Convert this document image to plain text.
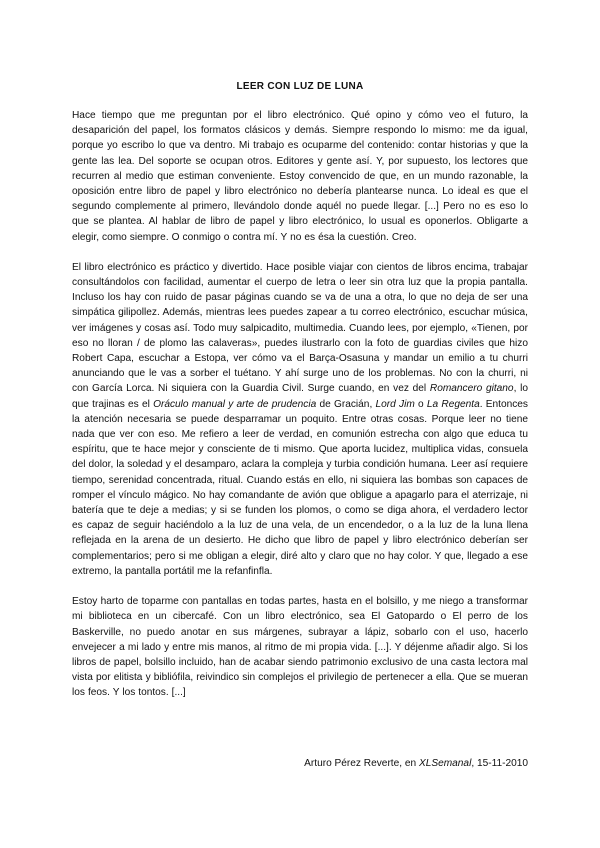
LEER CON LUZ DE LUNA

Hace tiempo que me preguntan por el libro electrónico. Qué opino y cómo veo el futuro, la desaparición del papel, los formatos clásicos y demás. Siempre respondo lo mismo: me da igual, porque yo escribo lo que va dentro. Mi trabajo es ocuparme del contenido: contar historias y que la gente las lea. Del soporte se ocupan otros. Editores y gente así. Y, por supuesto, los lectores que recurren al medio que estiman conveniente. Estoy convencido de que, en un mundo razonable, la oposición entre libro de papel y libro electrónico no debería plantearse nunca. Lo ideal es que el segundo complemente al primero, llevándolo donde aquél no puede llegar. [...] Pero no es eso lo que se plantea. Al hablar de libro de papel y libro electrónico, lo usual es oponerlos. Obligarte a elegir, como siempre. O conmigo o contra mí. Y no es ésa la cuestión. Creo.

El libro electrónico es práctico y divertido. Hace posible viajar con cientos de libros encima, trabajar consultándolos con facilidad, aumentar el cuerpo de letra o leer sin otra luz que la propia pantalla. Incluso los hay con ruido de pasar páginas cuando se va de una a otra, lo que no deja de ser una simpática gilipollez. Además, mientras lees puedes zapear a tu correo electrónico, escuchar música, ver imágenes y cosas así. Todo muy salpicadito, multimedia. Cuando lees, por ejemplo, «Tienen, por eso no lloran / de plomo las calaveras», puedes ilustrarlo con la foto de guardias civiles que hizo Robert Capa, escuchar a Estopa, ver cómo va el Barça-Osasuna y mandar un emilio a tu churri anunciando que le vas a sorber el tuétano. Y ahí surge uno de los problemas. No con la churri, ni con García Lorca. Ni siquiera con la Guardia Civil. Surge cuando, en vez del Romancero gitano, lo que trajinas es el Oráculo manual y arte de prudencia de Gracián, Lord Jim o La Regenta. Entonces la atención necesaria se puede desparramar un poquito. Entre otras cosas. Porque leer no tiene nada que ver con eso. Me refiero a leer de verdad, en comunión estrecha con algo que educa tu espíritu, que te hace mejor y consciente de ti mismo. Que aporta lucidez, multiplica vidas, consuela del dolor, la soledad y el desamparo, aclara la compleja y turbia condición humana. Leer así requiere tiempo, serenidad concentrada, ritual. Cuando estás en ello, ni siquiera las bombas son capaces de romper el vínculo mágico. No hay comandante de avión que obligue a apagarlo para el aterrizaje, ni batería que te deje a medias; y si se funden los plomos, o como se diga ahora, el verdadero lector es capaz de seguir haciéndolo a la luz de una vela, de un encendedor, o a la luz de la luna llena reflejada en la arena de un desierto. He dicho que libro de papel y libro electrónico deberían ser complementarios; pero si me obligan a elegir, diré alto y claro que no hay color. Y que, llegado a ese extremo, la pantalla portátil me la refanfinfla.

Estoy harto de toparme con pantallas en todas partes, hasta en el bolsillo, y me niego a transformar mi biblioteca en un cibercafé. Con un libro electrónico, sea El Gatopardo o El perro de los Baskerville, no puedo anotar en sus márgenes, subrayar a lápiz, sobarlo con el uso, hacerlo envejecer a mi lado y entre mis manos, al ritmo de mi propia vida. [...]. Y déjenme añadir algo. Si los libros de papel, bolsillo incluido, han de acabar siendo patrimonio exclusivo de una casta lectora mal vista por elitista y bibliófila, reivindico sin complejos el privilegio de pertenecer a ella. Que se mueran los feos. Y los tontos. [...]

Arturo Pérez Reverte, en XLSemanal, 15-11-2010
